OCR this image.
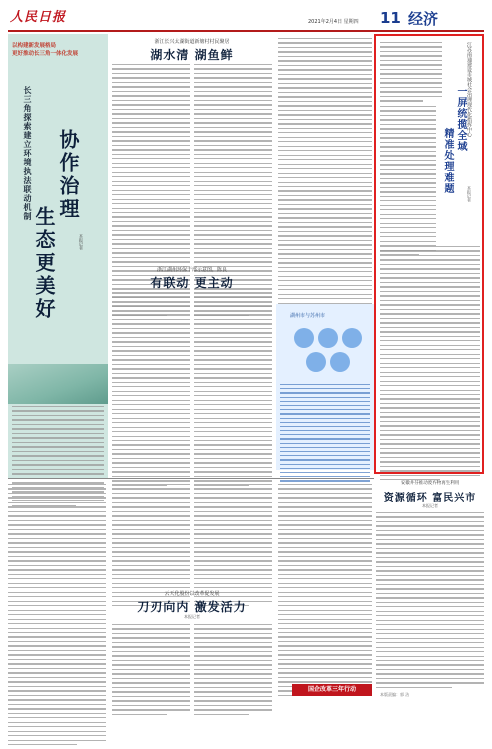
人民日报	2021年2月4日 星期四 11 经济
以构建新发展格局
更好推动长三角一体化发展
长三角探索建立环境执法联动机制 协作治理
生态更美好	本报记者
浙江长兴太湖街道新塘村村民聚居
湖水清 湖鱼鲜
浙江湖州环保干部示意图，陈良
有联动 更主动
湖州市与苏州市
江苏南通建设市域社会治理现代化指挥中心
一屏统揽全域
精准处理难题	本报记者
安徽井芬推动废弃物再生利用
资源循环 富民兴市
本报记者
云天化股份以改革促发展
刀刃向内 激发活力
本报记者
国企改革三年行动
本版责编：郭 洁
